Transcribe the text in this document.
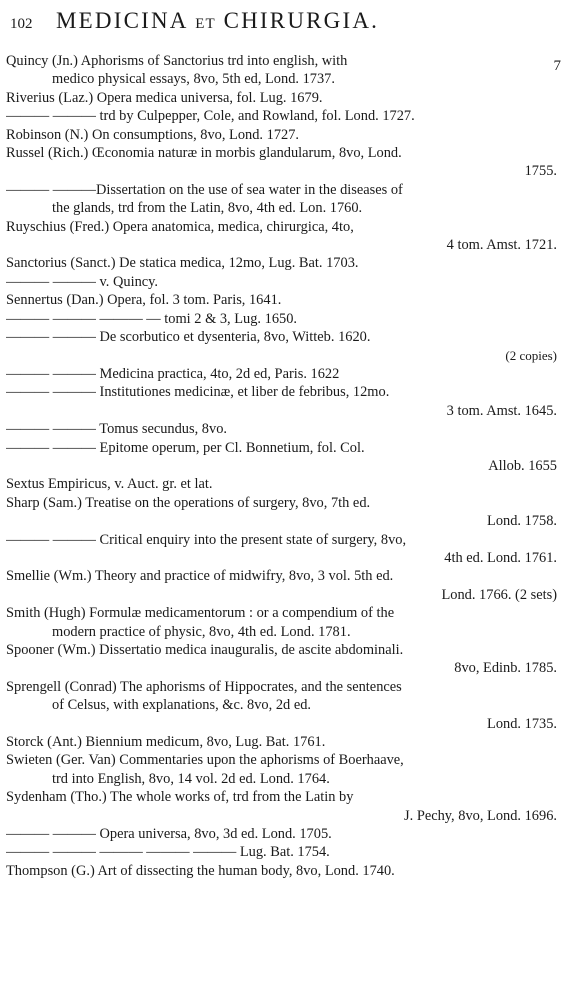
102	MEDICINA ET CHIRURGIA.
7
Quincy (Jn.) Aphorisms of Sanctorius trd into english, with
medico physical essays, 8vo, 5th ed, Lond. 1737.
Riverius (Laz.) Opera medica universa, fol. Lug. 1679.
——— ——— trd by Culpepper, Cole, and Rowland, fol. Lond. 1727.
Robinson (N.) On consumptions, 8vo, Lond. 1727.
Russel (Rich.) Œconomia naturæ in morbis glandularum, 8vo, Lond.
1755.
——— ———Dissertation on the use of sea water in the diseases of
the glands, trd from the Latin, 8vo, 4th ed. Lon. 1760.
Ruyschius (Fred.) Opera anatomica, medica, chirurgica, 4to,
4 tom. Amst. 1721.
Sanctorius (Sanct.) De statica medica, 12mo, Lug. Bat. 1703.
——— ——— v. Quincy.
Sennertus (Dan.) Opera, fol. 3 tom. Paris, 1641.
——— ——— ——— — tomi 2 & 3, Lug. 1650.
——— ——— De scorbutico et dysenteria, 8vo, Witteb. 1620.
(2 copies)
——— ——— Medicina practica, 4to, 2d ed, Paris. 1622
——— ——— Institutiones medicinæ, et liber de febribus, 12mo.
3 tom. Amst. 1645.
——— ——— Tomus secundus, 8vo.
——— ——— Epitome operum, per Cl. Bonnetium, fol. Col.
Allob. 1655
Sextus Empiricus, v. Auct. gr. et lat.
Sharp (Sam.) Treatise on the operations of surgery, 8vo, 7th ed.
Lond. 1758.
——— ——— Critical enquiry into the present state of surgery, 8vo,
4th ed. Lond. 1761.
Smellie (Wm.) Theory and practice of midwifry, 8vo, 3 vol. 5th ed.
Lond. 1766. (2 sets)
Smith (Hugh) Formulæ medicamentorum : or a compendium of the
modern practice of physic, 8vo, 4th ed. Lond. 1781.
Spooner (Wm.) Dissertatio medica inauguralis, de ascite abdominali.
8vo, Edinb. 1785.
Sprengell (Conrad) The aphorisms of Hippocrates, and the sentences
of Celsus, with explanations, &c. 8vo, 2d ed.
Lond. 1735.
Storck (Ant.) Biennium medicum, 8vo, Lug. Bat. 1761.
Swieten (Ger. Van) Commentaries upon the aphorisms of Boerhaave,
trd into English, 8vo, 14 vol. 2d ed. Lond. 1764.
Sydenham (Tho.) The whole works of, trd from the Latin by
J. Pechy, 8vo, Lond. 1696.
——— ——— Opera universa, 8vo, 3d ed. Lond. 1705.
——— ——— ——— ——— ——— Lug. Bat. 1754.
Thompson (G.) Art of dissecting the human body, 8vo, Lond. 1740.
